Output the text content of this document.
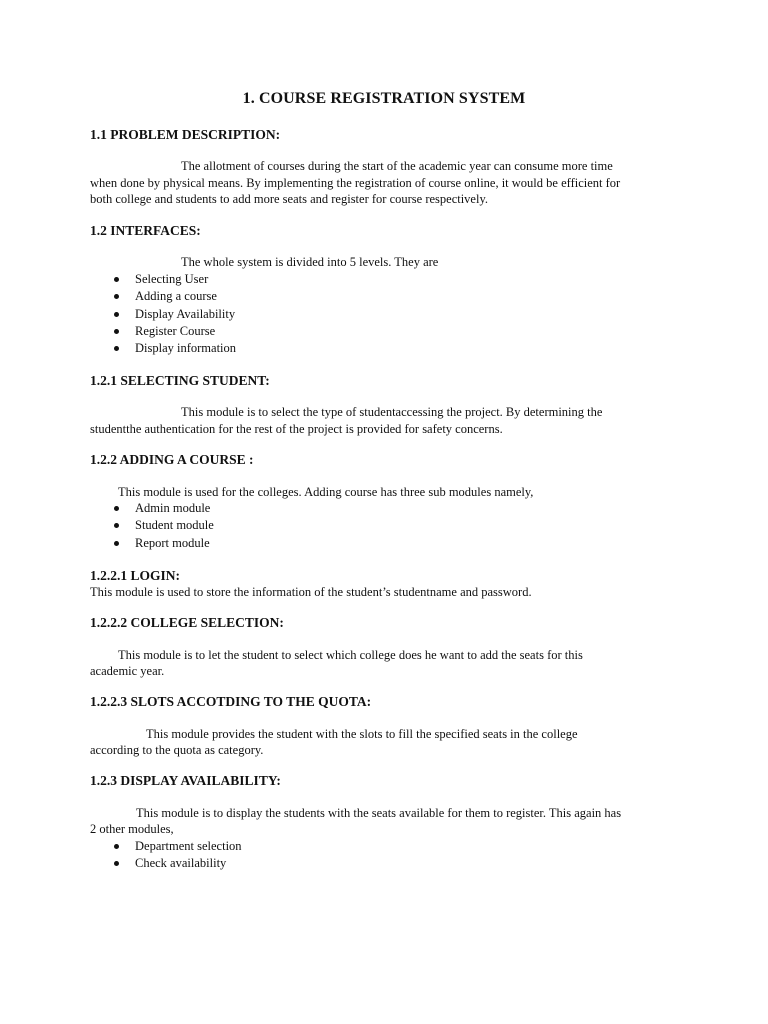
1. COURSE REGISTRATION SYSTEM
1.1 PROBLEM DESCRIPTION:
The allotment of courses during the start of the academic year can consume more time
when done by physical means. By implementing the registration of course online, it would be efficient for
both college and students to add more seats and register for course respectively.
1.2 INTERFACES:
The whole system is divided into 5 levels. They are
Selecting User
Adding a course
Display Availability
Register Course
Display information
1.2.1 SELECTING STUDENT:
This module is to select the type of studentaccessing the project. By determining the
studentthe authentication for the rest of the project is provided for safety concerns.
1.2.2 ADDING A COURSE :
This module is used for the colleges. Adding course has three sub modules namely,
Admin module
Student module
Report module
1.2.2.1 LOGIN:
This module is used to store the information of the student’s studentname and password.
1.2.2.2 COLLEGE SELECTION:
This module is to let the student to select which college does he want to add the seats for this
academic year.
1.2.2.3 SLOTS ACCOTDING TO THE QUOTA:
This module provides the student with the slots to fill the specified seats in the college
according to the quota as category.
1.2.3 DISPLAY AVAILABILITY:
This module is to display the students with the seats available for them to register. This again has
2 other modules,
Department selection
Check availability
